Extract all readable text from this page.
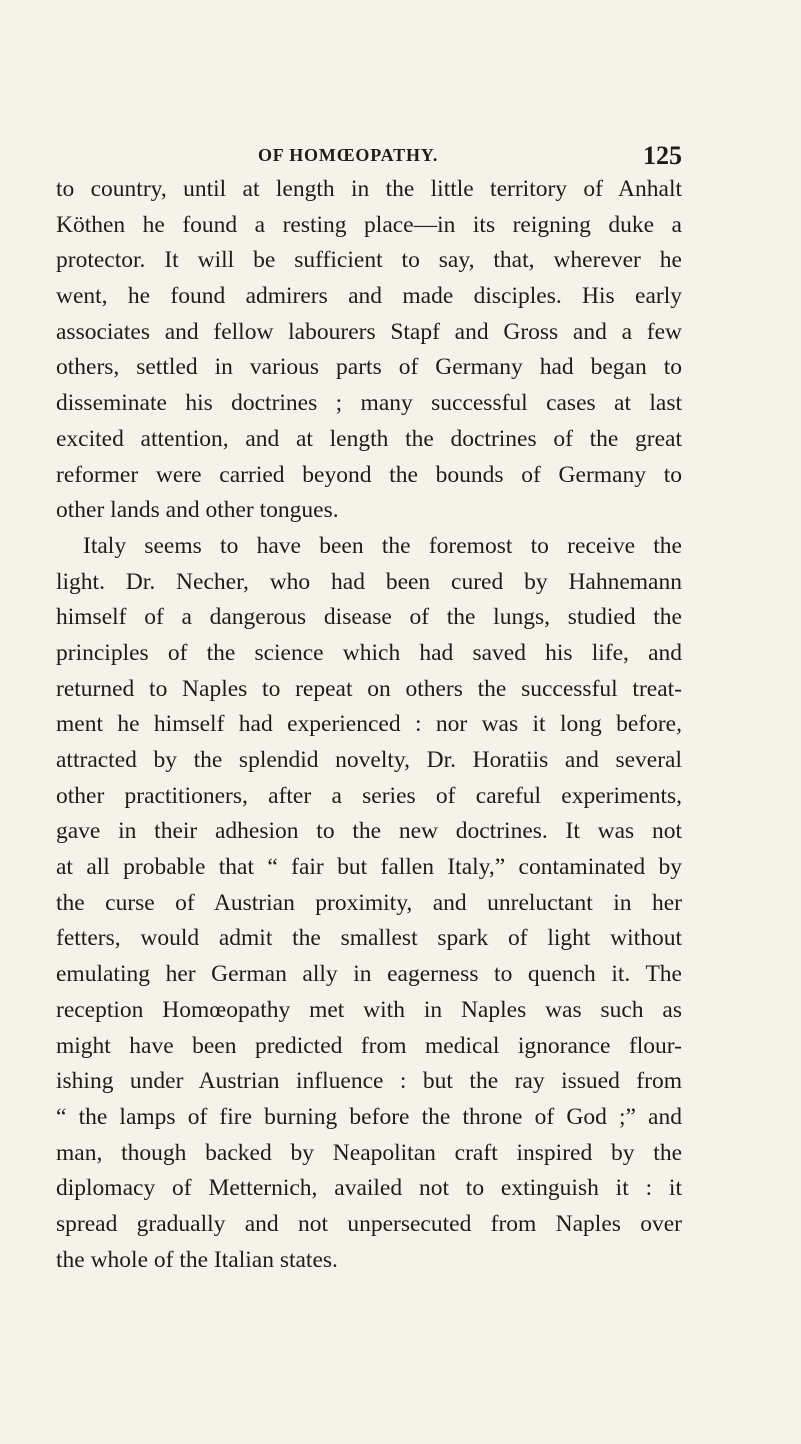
OF HOMŒOPATHY.	125
to country, until at length in the little territory of Anhalt
Köthen he found a resting place—in its reigning duke a
protector. It will be sufficient to say, that, wherever he
went, he found admirers and made disciples. His early
associates and fellow labourers Stapf and Gross and a few
others, settled in various parts of Germany had began to
disseminate his doctrines ; many successful cases at last
excited attention, and at length the doctrines of the great
reformer were carried beyond the bounds of Germany to
other lands and other tongues.
Italy seems to have been the foremost to receive the
light. Dr. Necher, who had been cured by Hahnemann
himself of a dangerous disease of the lungs, studied the
principles of the science which had saved his life, and
returned to Naples to repeat on others the successful treat-
ment he himself had experienced : nor was it long before,
attracted by the splendid novelty, Dr. Horatiis and several
other practitioners, after a series of careful experiments,
gave in their adhesion to the new doctrines. It was not
at all probable that “ fair but fallen Italy,” contaminated by
the curse of Austrian proximity, and unreluctant in her
fetters, would admit the smallest spark of light without
emulating her German ally in eagerness to quench it. The
reception Homœopathy met with in Naples was such as
might have been predicted from medical ignorance flour-
ishing under Austrian influence : but the ray issued from
“ the lamps of fire burning before the throne of God ;” and
man, though backed by Neapolitan craft inspired by the
diplomacy of Metternich, availed not to extinguish it : it
spread gradually and not unpersecuted from Naples over
the whole of the Italian states.
